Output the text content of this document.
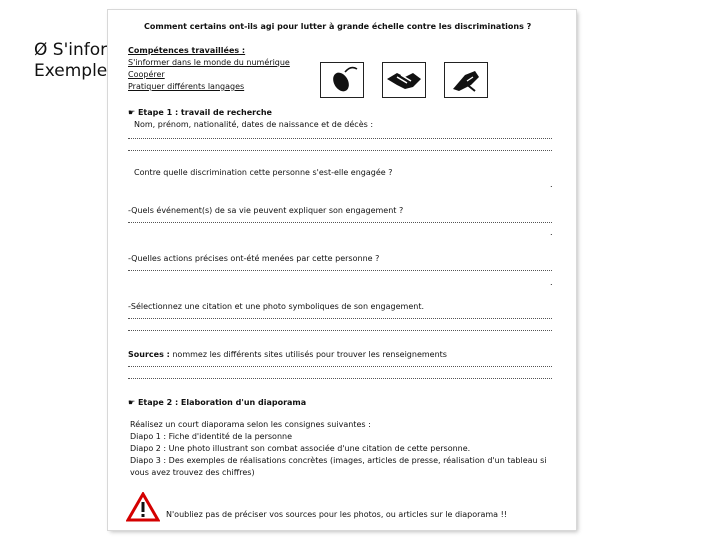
Ø S'infor
Exemple
Comment certains ont-ils agi pour lutter à grande échelle contre les discriminations ?
Compétences travaillées :
S'informer dans le monde du numérique
Coopérer
Pratiquer différents langages
☛ Etape 1 : travail de recherche
Nom, prénom, nationalité, dates de naissance et de décès :
Contre quelle discrimination cette personne s'est-elle engagée ?
.
-Quels événement(s) de sa vie peuvent expliquer son engagement ?
.
-Quelles actions précises ont-été menées par cette personne ?
.
-Sélectionnez une citation et une photo symboliques de son engagement.
Sources : nommez les différents sites utilisés pour trouver les renseignements
☛ Etape 2 : Elaboration d'un diaporama
Réalisez un court diaporama selon les consignes suivantes :
Diapo 1 : Fiche d'identité de la personne
Diapo 2 : Une photo illustrant son combat associée d'une citation de cette personne.
Diapo 3 : Des exemples de réalisations concrètes (images, articles de presse, réalisation d'un tableau si
vous avez trouvez des chiffres)
N'oubliez pas de préciser vos sources pour les photos, ou articles sur le diaporama !!
